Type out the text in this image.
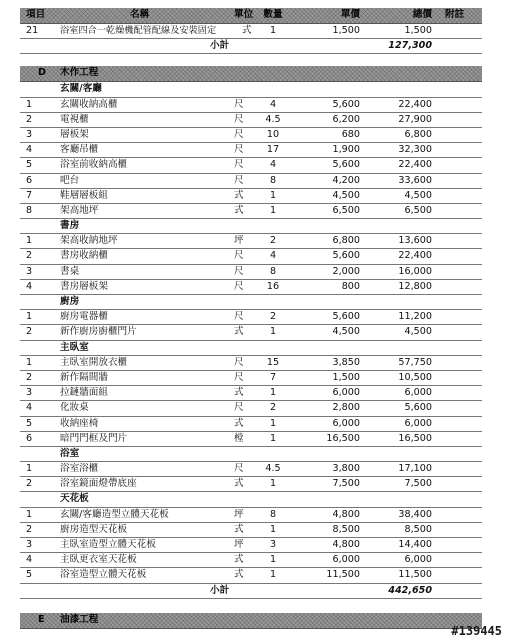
項目	名稱	單位	數量	單價	總價 附註
21	浴室四合一乾燥機配管配線及安裝固定	式	1	1,500	1,500
小計	127,300
D	木作工程
玄關/客廳
1	玄關收納高櫃	尺	4	5,600	22,400
2	電視櫃	尺	4.5	6,200	27,900
3	層板架	尺	10	680	6,800
4	客廳吊櫃	尺	17	1,900	32,300
5	浴室前收納高櫃	尺	4	5,600	22,400
6	吧台	尺	8	4,200	33,600
7	鞋層層板組	式	1	4,500	4,500
8	架高地坪	式	1	6,500	6,500
書房
1	架高收納地坪	坪	2	6,800	13,600
2	書房收納櫃	尺	4	5,600	22,400
3	書桌	尺	8	2,000	16,000
4	書房層板架	尺	16	800	12,800
廚房
1	廚房電器櫃	尺	2	5,600	11,200
2	新作廚房廚櫃門片	式	1	4,500	4,500
主臥室
1	主臥室開放衣櫃	尺	15	3,850	57,750
2	新作隔間牆	尺	7	1,500	10,500
3	拉鏈牆面組	式	1	6,000	6,000
4	化妝桌	尺	2	2,800	5,600
5	收納座椅	式	1	6,000	6,000
6	暗門門框及門片	樘	1	16,500	16,500
浴室
1	浴室浴櫃	尺	4.5	3,800	17,100
2	浴室鏡面燈帶底座	式	1	7,500	7,500
天花板
1	玄關/客廳造型立體天花板	坪	8	4,800	38,400
2	廚房造型天花板	式	1	8,500	8,500
3	主臥室造型立體天花板	坪	3	4,800	14,400
4	主臥更衣室天花板	式	1	6,000	6,000
5	浴室造型立體天花板	式	1	11,500	11,500
小計	442,650
E	油漆工程
#139445
